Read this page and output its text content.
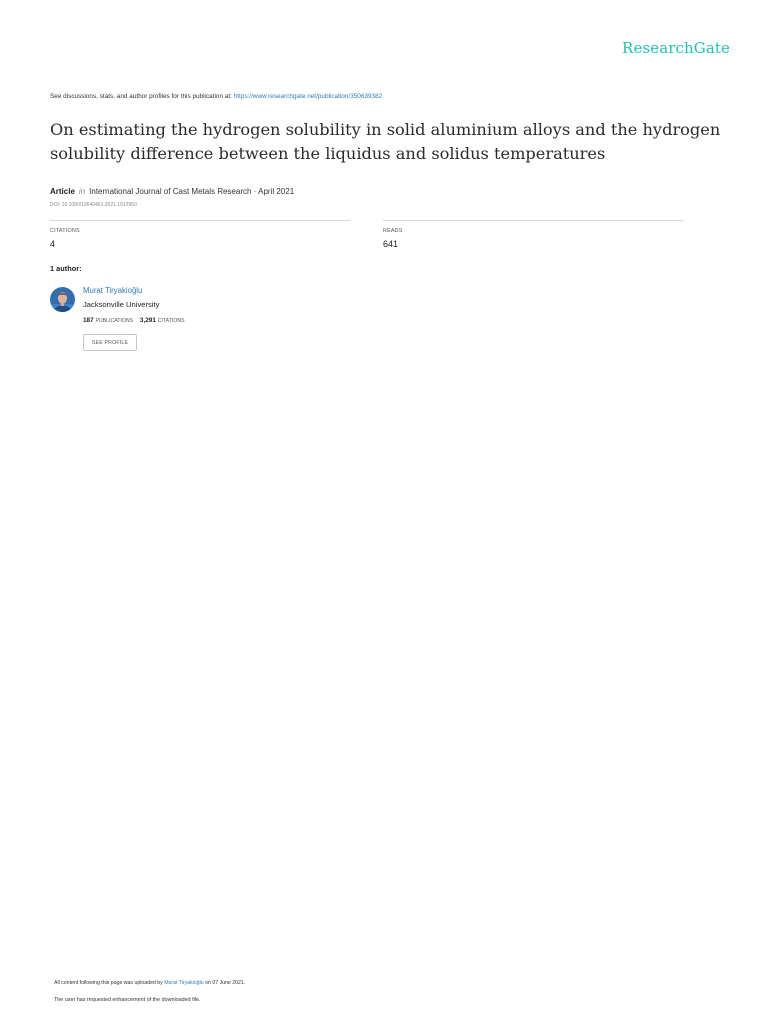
ResearchGate
See discussions, stats, and author profiles for this publication at: https://www.researchgate.net/publication/350639382
On estimating the hydrogen solubility in solid aluminium alloys and the hydrogen solubility difference between the liquidus and solidus temperatures
Article in International Journal of Cast Metals Research · April 2021
DOI: 10.1080/13640461.2021.1912950
CITATIONS
4
READS
641
1 author:
Murat Tiryakioğlu
Jacksonville University
187 PUBLICATIONS 3,291 CITATIONS
SEE PROFILE
All content following this page was uploaded by Murat Tiryakioğlu on 07 June 2021.
The user has requested enhancement of the downloaded file.
